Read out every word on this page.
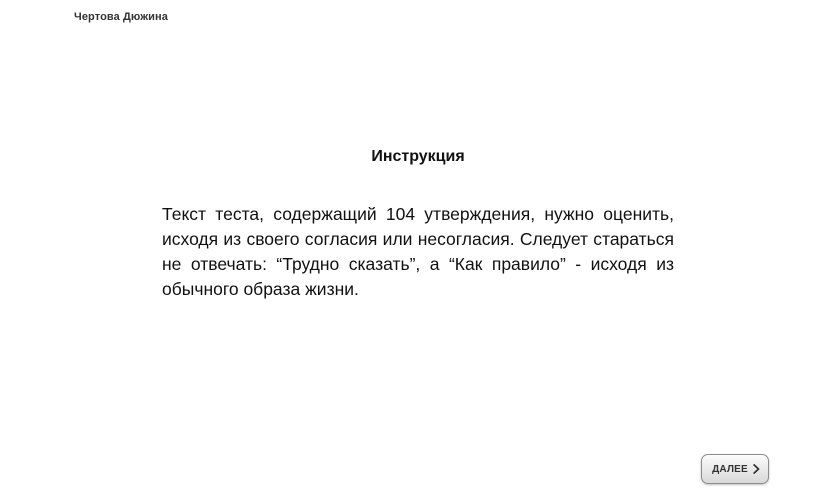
Чертова Дюжина
Инструкция

Текст теста, содержащий 104 утверждения, нужно оценить, исходя из своего согласия или несогласия. Следует стараться не отвечать: “Трудно сказать”, а “Как правило” - исходя из обычного образа жизни.

ДАЛЕЕ
